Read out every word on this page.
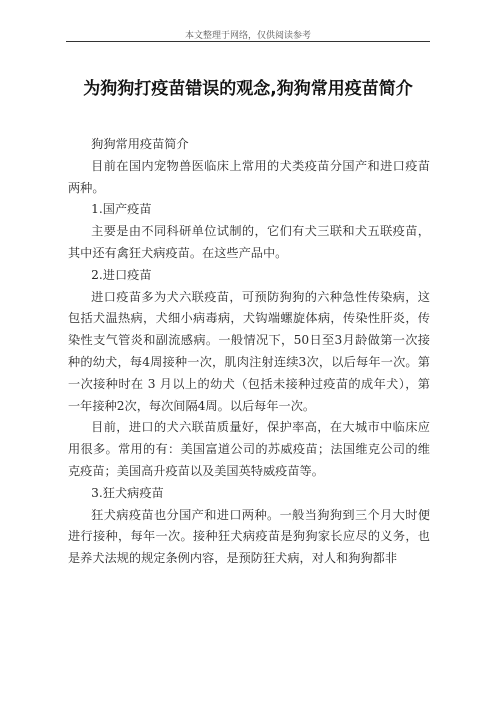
本文整理于网络，仅供阅读参考
为狗狗打疫苗错误的观念,狗狗常用疫苗简介

狗狗常用疫苗简介

目前在国内宠物兽医临床上常用的犬类疫苗分国产和进口疫苗两种。

1.国产疫苗

主要是由不同科研单位试制的，它们有犬三联和犬五联疫苗，其中还有禽狂犬病疫苗。在这些产品中。

2.进口疫苗

进口疫苗多为犬六联疫苗，可预防狗狗的六种急性传染病，这包括犬温热病，犬细小病毒病，犬钩端螺旋体病，传染性肝炎，传染性支气管炎和副流感病。一般情况下，50日至3月龄做第一次接种的幼犬，每4周接种一次，肌肉注射连续3次，以后每年一次。第一次接种时在 3 月以上的幼犬（包括未接种过疫苗的成年犬），第一年接种2次，每次间隔4周。以后每年一次。

目前，进口的犬六联苗质量好，保护率高，在大城市中临床应用很多。常用的有：美国富道公司的苏威疫苗；法国维克公司的维克疫苗；美国高升疫苗以及美国英特威疫苗等。

3.狂犬病疫苗

狂犬病疫苗也分国产和进口两种。一般当狗狗到三个月大时便进行接种，每年一次。接种狂犬病疫苗是狗狗家长应尽的义务，也是养犬法规的规定条例内容，是预防狂犬病，对人和狗狗都非
